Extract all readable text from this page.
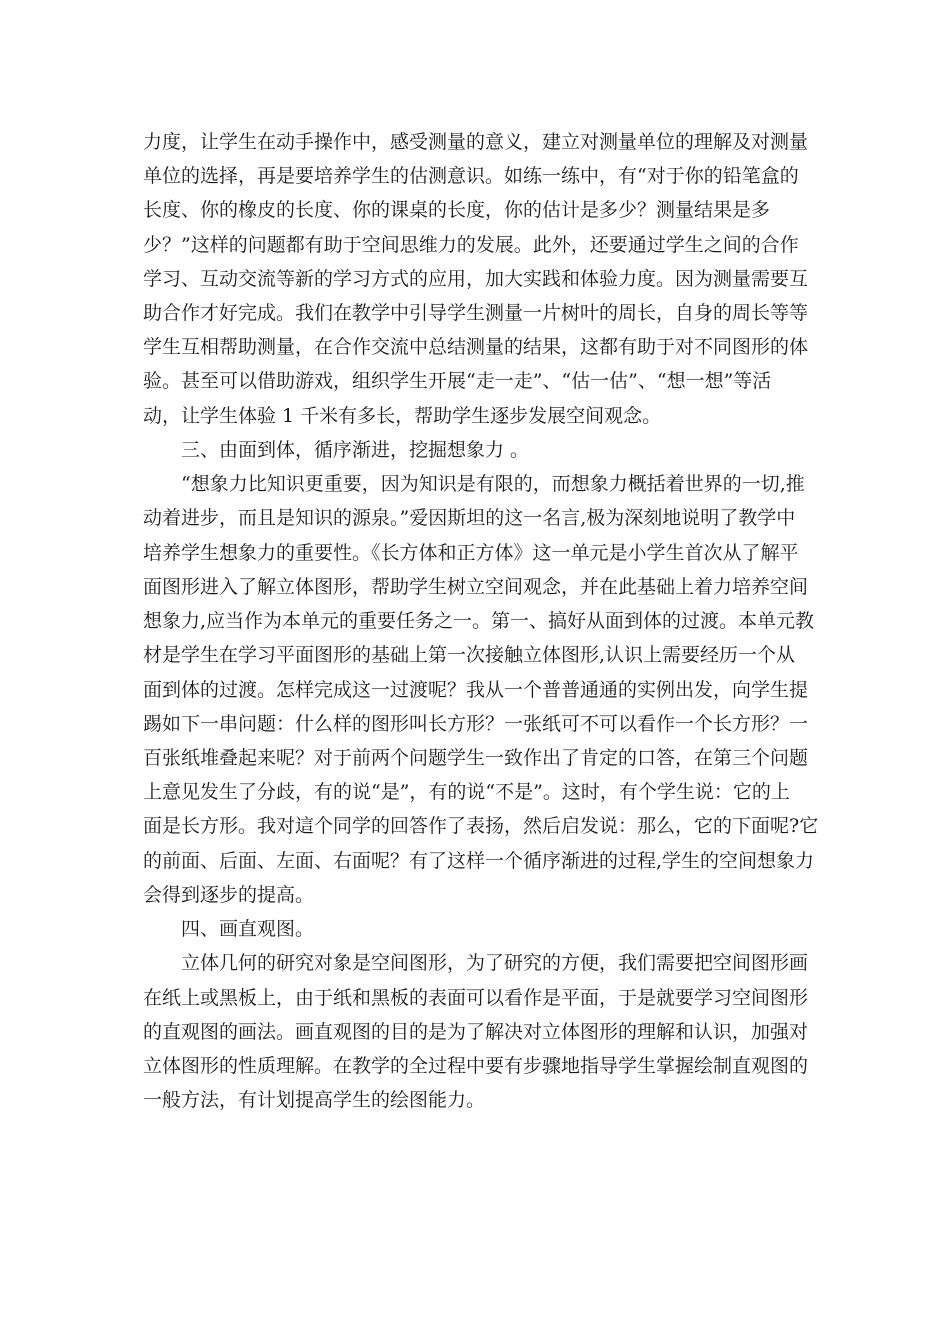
力度，让学生在动手操作中，感受测量的意义，建立对测量单位的理解及对测量
单位的选择，再是要培养学生的估测意识。如练一练中，有“对于你的铅笔盒的
长度、你的橡皮的长度、你的课桌的长度，你的估计是多少？测量结果是多
少？”这样的问题都有助于空间思维力的发展。此外，还要通过学生之间的合作
学习、互动交流等新的学习方式的应用，加大实践和体验力度。因为测量需要互
助合作才好完成。我们在教学中引导学生测量一片树叶的周长，自身的周长等等
学生互相帮助测量，在合作交流中总结测量的结果，这都有助于对不同图形的体
验。甚至可以借助游戏，组织学生开展“走一走”、“估一估”、“想一想”等活
动，让学生体验 1 千米有多长，帮助学生逐步发展空间观念。
三、由面到体，循序渐进，挖掘想象力 。
“想象力比知识更重要，因为知识是有限的，而想象力概括着世界的一切,推
动着进步，而且是知识的源泉。”爱因斯坦的这一名言,极为深刻地说明了教学中
培养学生想象力的重要性。《长方体和正方体》这一单元是小学生首次从了解平
面图形进入了解立体图形，帮助学生树立空间观念，并在此基础上着力培养空间
想象力,应当作为本单元的重要任务之一。第一、搞好从面到体的过渡。本单元教
材是学生在学习平面图形的基础上第一次接触立体图形,认识上需要经历一个从
面到体的过渡。怎样完成这一过渡呢？我从一个普普通通的实例出发，向学生提
踢如下一串问题：什么样的图形叫长方形？一张纸可不可以看作一个长方形？一
百张纸堆叠起来呢？对于前两个问题学生一致作出了肯定的口答，在第三个问题
上意见发生了分歧，有的说“是”，有的说“不是”。这时，有个学生说：它的上
面是长方形。我对這个同学的回答作了表扬，然后启发说：那么，它的下面呢?它
的前面、后面、左面、右面呢？有了这样一个循序渐进的过程,学生的空间想象力
会得到逐步的提高。
四、画直观图。
立体几何的研究对象是空间图形，为了研究的方便，我们需要把空间图形画
在纸上或黑板上，由于纸和黑板的表面可以看作是平面，于是就要学习空间图形
的直观图的画法。画直观图的目的是为了解决对立体图形的理解和认识，加强对
立体图形的性质理解。在教学的全过程中要有步骤地指导学生掌握绘制直观图的
一般方法，有计划提高学生的绘图能力。
